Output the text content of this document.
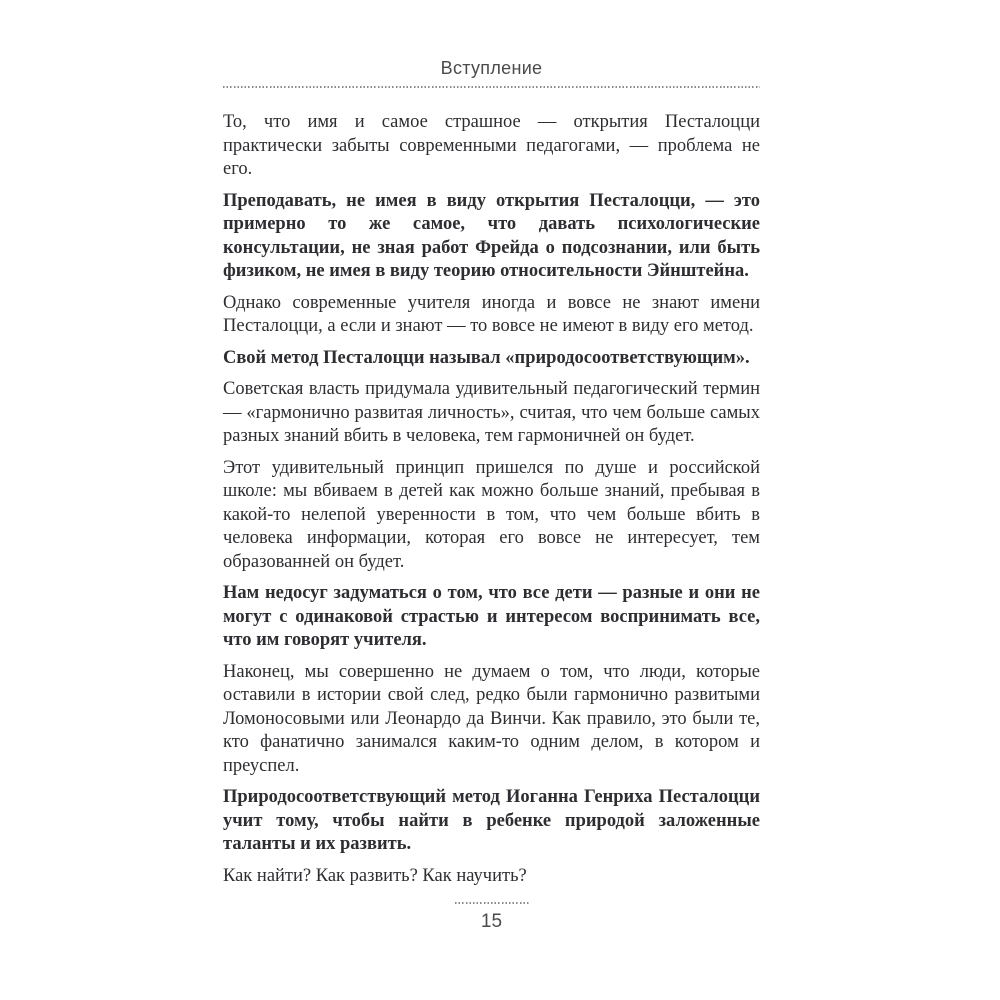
Вступление

То, что имя и самое страшное — открытия Песталоцци практически забыты современными педагогами, — проблема не его.

Преподавать, не имея в виду открытия Песталоцци, — это примерно то же самое, что давать психологические консультации, не зная работ Фрейда о подсознании, или быть физиком, не имея в виду теорию относительности Эйнштейна.

Однако современные учителя иногда и вовсе не знают имени Песталоцци, а если и знают — то вовсе не имеют в виду его метод.

Свой метод Песталоцци называл «природосоответствующим».

Советская власть придумала удивительный педагогический термин — «гармонично развитая личность», считая, что чем больше самых разных знаний вбить в человека, тем гармоничней он будет.

Этот удивительный принцип пришелся по душе и российской школе: мы вбиваем в детей как можно больше знаний, пребывая в какой-то нелепой уверенности в том, что чем больше вбить в человека информации, которая его вовсе не интересует, тем образованней он будет.

Нам недосуг задуматься о том, что все дети — разные и они не могут с одинаковой страстью и интересом воспринимать все, что им говорят учителя.

Наконец, мы совершенно не думаем о том, что люди, которые оставили в истории свой след, редко были гармонично развитыми Ломоносовыми или Леонардо да Винчи. Как правило, это были те, кто фанатично занимался каким-то одним делом, в котором и преуспел.

Природосоответствующий метод Иоганна Генриха Песталоцци учит тому, чтобы найти в ребенке природой заложенные таланты и их развить.

Как найти? Как развить? Как научить?

15
